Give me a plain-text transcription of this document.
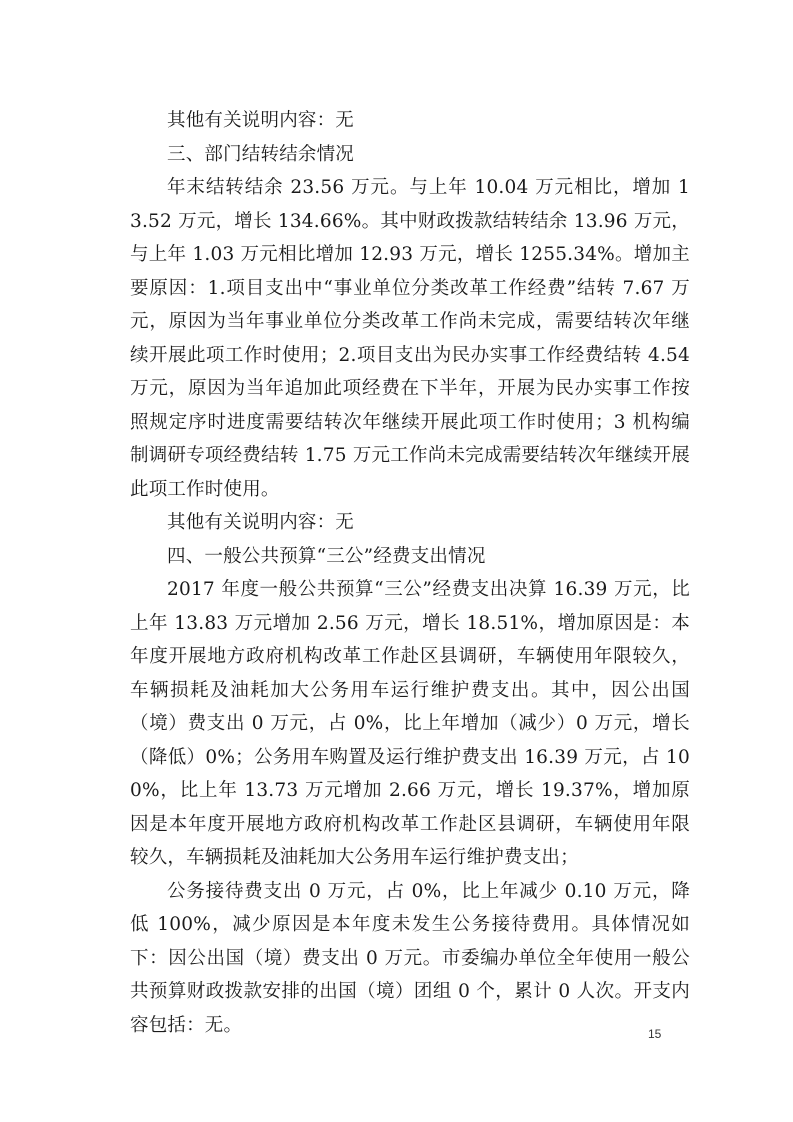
其他有关说明内容：无

三、部门结转结余情况

年末结转结余 23.56 万元。与上年 10.04 万元相比，增加 13.52 万元，增长 134.66%。其中财政拨款结转结余 13.96 万元，与上年 1.03 万元相比增加 12.93 万元，增长 1255.34%。增加主要原因：1.项目支出中“事业单位分类改革工作经费”结转 7.67 万元，原因为当年事业单位分类改革工作尚未完成，需要结转次年继续开展此项工作时使用；2.项目支出为民办实事工作经费结转 4.54 万元，原因为当年追加此项经费在下半年，开展为民办实事工作按照规定序时进度需要结转次年继续开展此项工作时使用；3 机构编制调研专项经费结转 1.75 万元工作尚未完成需要结转次年继续开展此项工作时使用。

其他有关说明内容：无

四、一般公共预算“三公”经费支出情况

2017 年度一般公共预算“三公”经费支出决算 16.39 万元，比上年 13.83 万元增加 2.56 万元，增长 18.51%，增加原因是：本年度开展地方政府机构改革工作赴区县调研，车辆使用年限较久，车辆损耗及油耗加大公务用车运行维护费支出。其中，因公出国（境）费支出 0 万元，占 0%，比上年增加（减少）0 万元，增长（降低）0%；公务用车购置及运行维护费支出 16.39 万元，占 100%，比上年 13.73 万元增加 2.66 万元，增长 19.37%，增加原因是本年度开展地方政府机构改革工作赴区县调研，车辆使用年限较久，车辆损耗及油耗加大公务用车运行维护费支出；

公务接待费支出 0 万元，占 0%，比上年减少 0.10 万元，降低 100%，减少原因是本年度未发生公务接待费用。具体情况如下：因公出国（境）费支出 0 万元。市委编办单位全年使用一般公共预算财政拨款安排的出国（境）团组 0 个，累计 0 人次。开支内容包括：无。	15
